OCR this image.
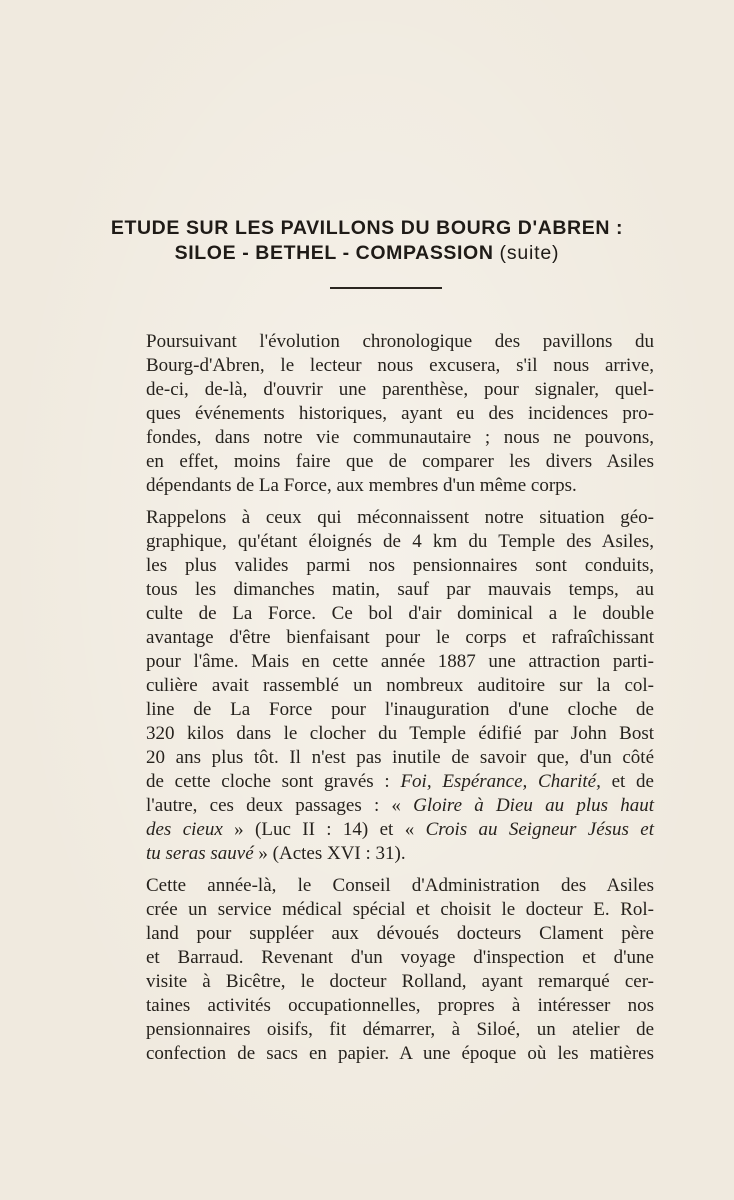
ETUDE SUR LES PAVILLONS DU BOURG D'ABREN :
SILOE - BETHEL - COMPASSION (suite)
Poursuivant l'évolution chronologique des pavillons du
Bourg-d'Abren, le lecteur nous excusera, s'il nous arrive,
de-ci, de-là, d'ouvrir une parenthèse, pour signaler, quel-
ques événements historiques, ayant eu des incidences pro-
fondes, dans notre vie communautaire ; nous ne pouvons,
en effet, moins faire que de comparer les divers Asiles
dépendants de La Force, aux membres d'un même corps.
Rappelons à ceux qui méconnaissent notre situation géo-
graphique, qu'étant éloignés de 4 km du Temple des Asiles,
les plus valides parmi nos pensionnaires sont conduits,
tous les dimanches matin, sauf par mauvais temps, au
culte de La Force. Ce bol d'air dominical a le double
avantage d'être bienfaisant pour le corps et rafraîchissant
pour l'âme. Mais en cette année 1887 une attraction parti-
culière avait rassemblé un nombreux auditoire sur la col-
line de La Force pour l'inauguration d'une cloche de
320 kilos dans le clocher du Temple édifié par John Bost
20 ans plus tôt. Il n'est pas inutile de savoir que, d'un côté
de cette cloche sont gravés : Foi, Espérance, Charité, et de
l'autre, ces deux passages : « Gloire à Dieu au plus haut
des cieux » (Luc II : 14) et « Crois au Seigneur Jésus et
tu seras sauvé » (Actes XVI : 31).
Cette année-là, le Conseil d'Administration des Asiles
crée un service médical spécial et choisit le docteur E. Rol-
land pour suppléer aux dévoués docteurs Clament père
et Barraud. Revenant d'un voyage d'inspection et d'une
visite à Bicêtre, le docteur Rolland, ayant remarqué cer-
taines activités occupationnelles, propres à intéresser nos
pensionnaires oisifs, fit démarrer, à Siloé, un atelier de
confection de sacs en papier. A une époque où les matières
